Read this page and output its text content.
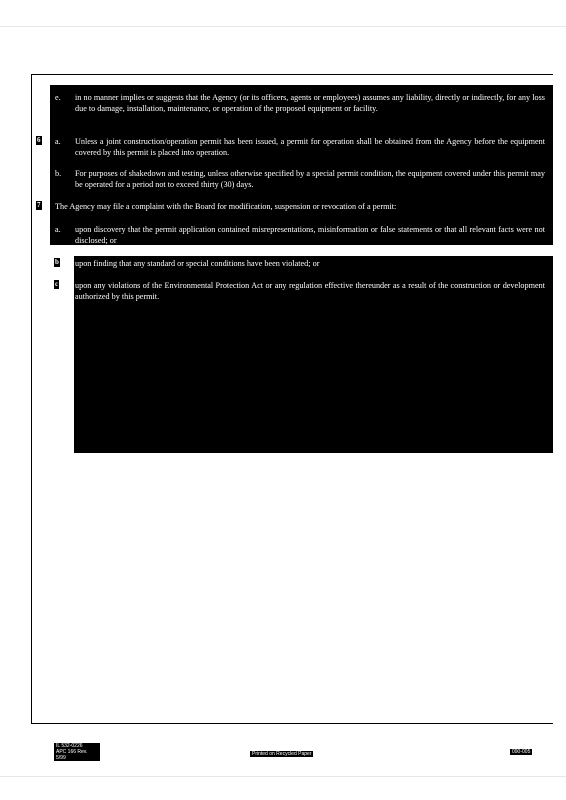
e. in no manner implies or suggests that the Agency (or its officers, agents or employees) assumes any liability, directly or indirectly, for any loss due to damage, installation, maintenance, or operation of the proposed equipment or facility.
6 a. Unless a joint construction/operation permit has been issued, a permit for operation shall be obtained from the Agency before the equipment covered by this permit is placed into operation.
b. For purposes of shakedown and testing, unless otherwise specified by a special permit condition, the equipment covered under this permit may be operated for a period not to exceed thirty (30) days.
7 The Agency may file a complaint with the Board for modification, suspension or revocation of a permit:
a. upon discovery that the permit application contained misrepresentations, misinformation or false statements or that all relevant facts were not disclosed; or
b upon finding that any standard or special conditions have been violated; or
c upon any violations of the Environmental Protection Act or any regulation effective thereunder as a result of the construction or development authorized by this permit.
IL 532-0226
APC 166 Rev. 5/99
Printed on Recycled Paper	090-005
